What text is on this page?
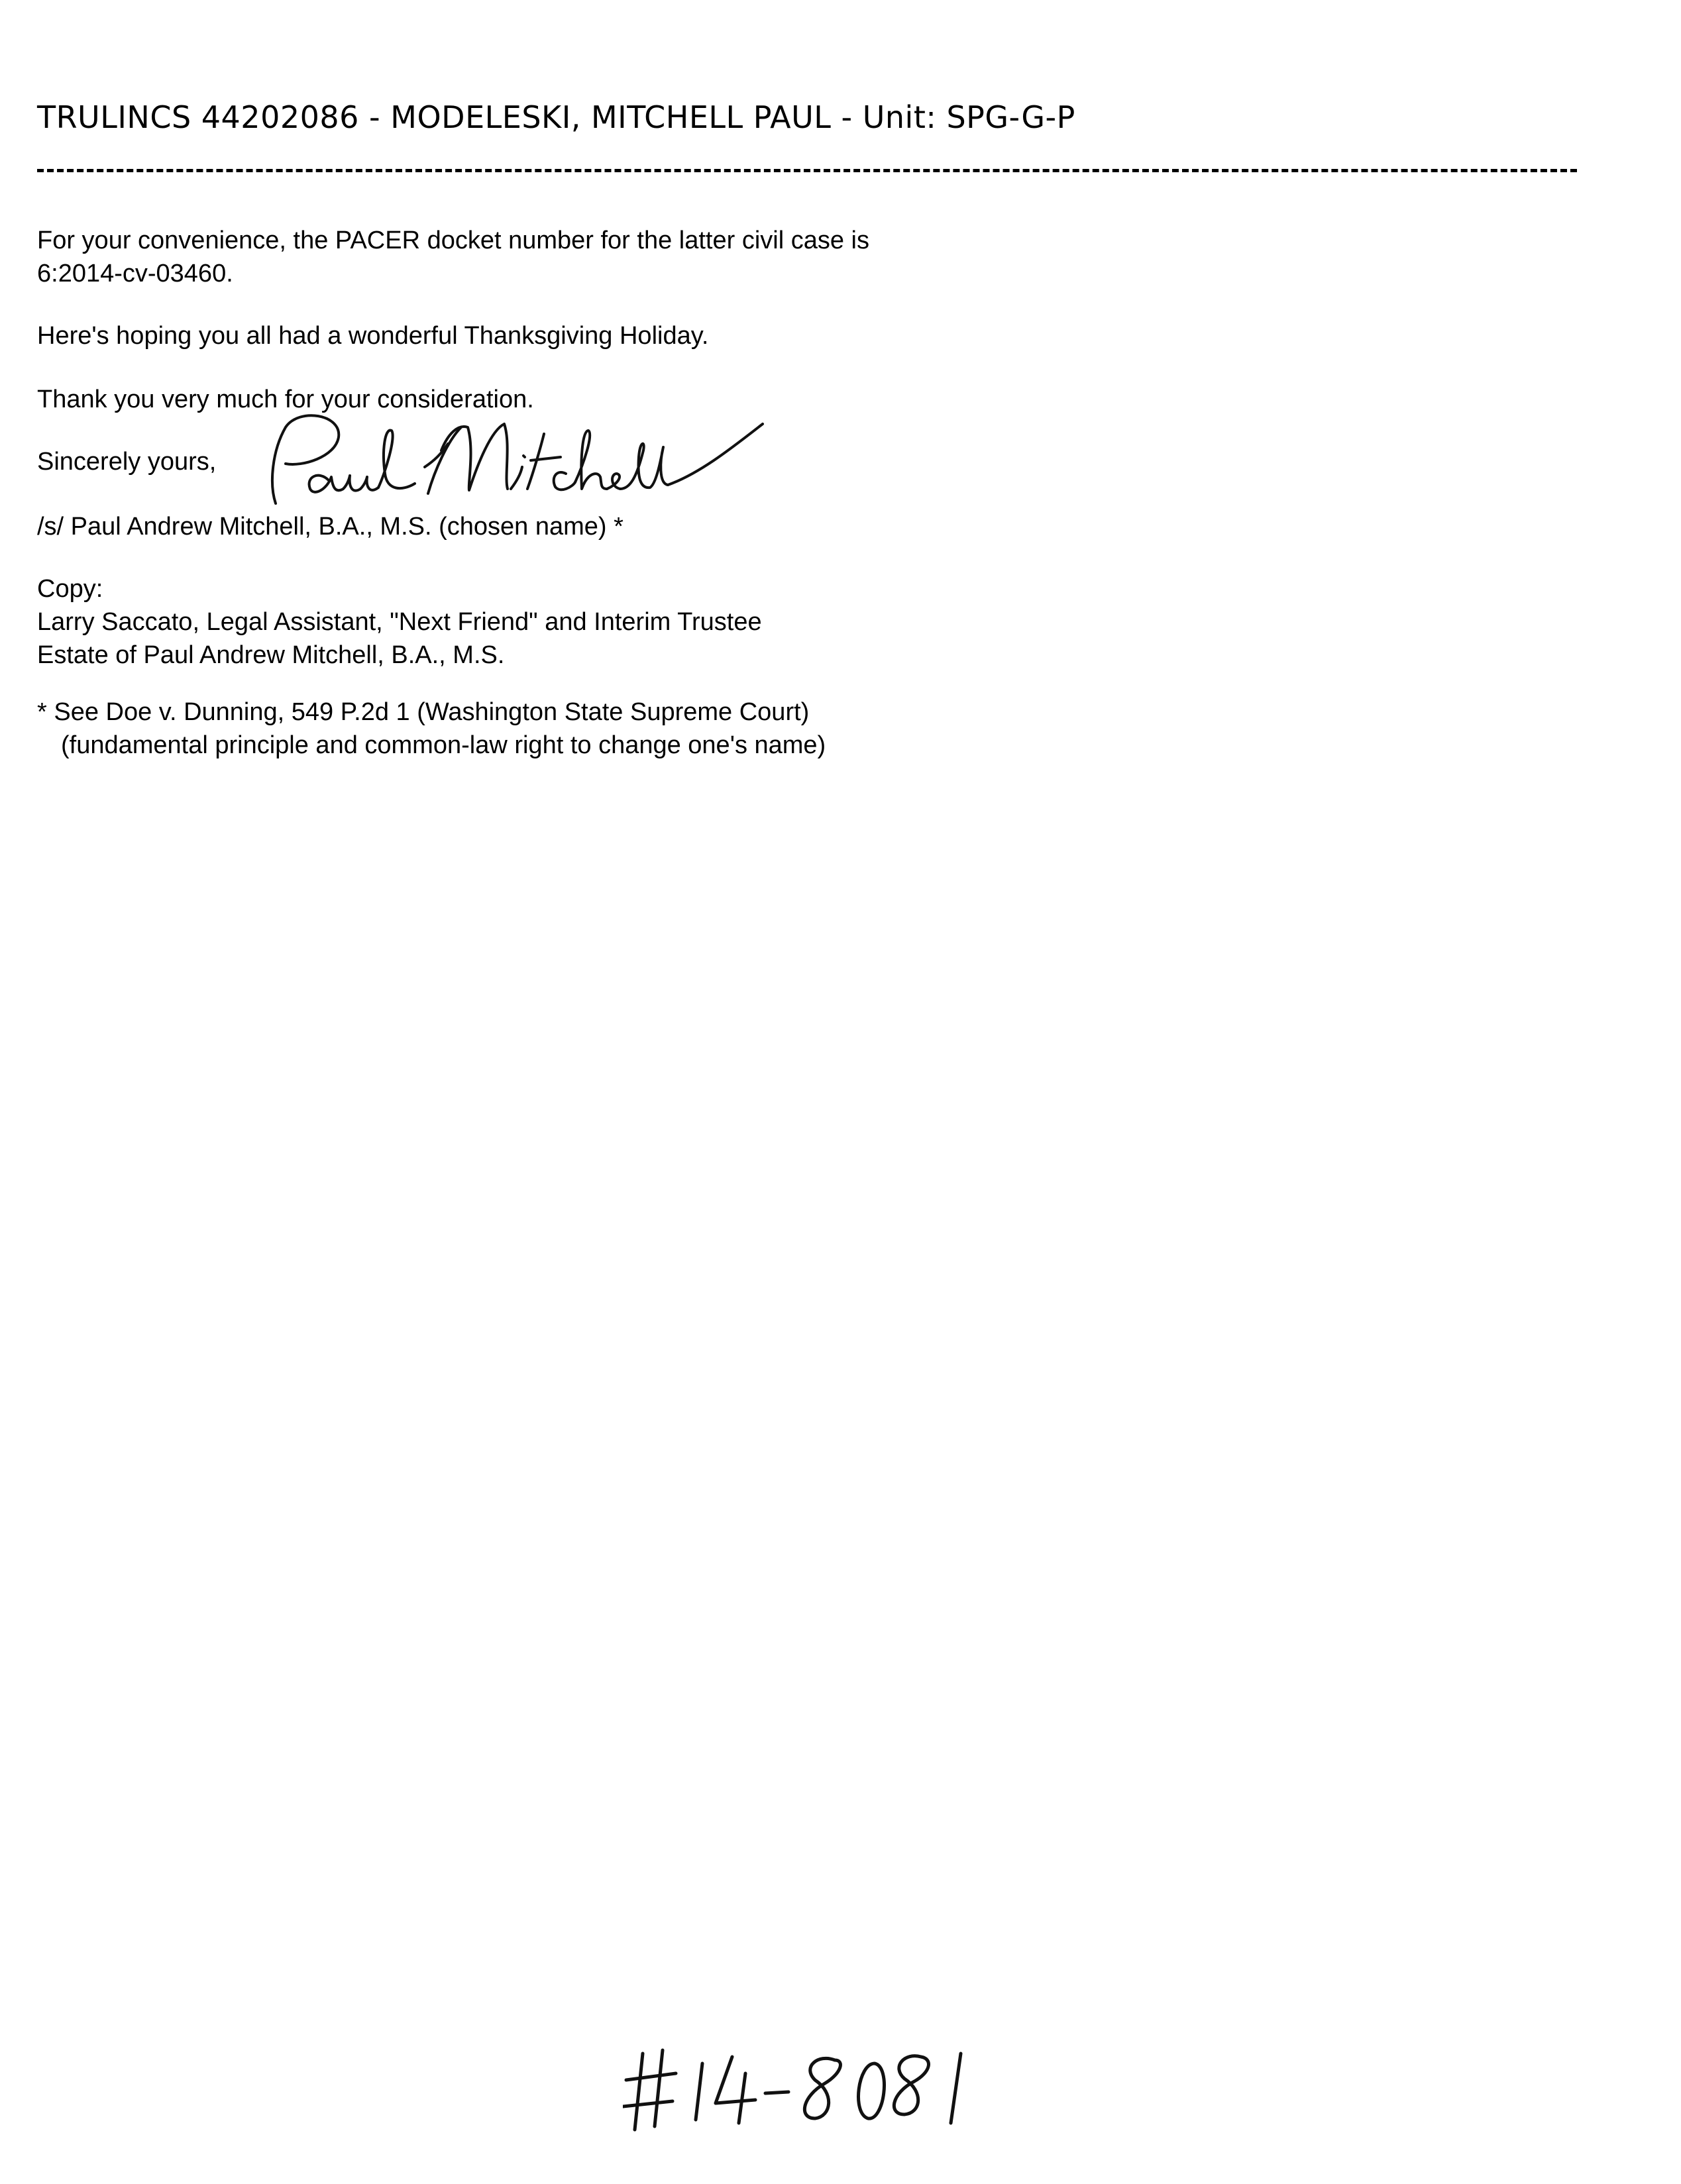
TRULINCS 44202086 - MODELESKI, MITCHELL PAUL - Unit: SPG-G-P
For your convenience, the PACER docket number for the latter civil case is
6:2014-cv-03460.
Here's hoping you all had a wonderful Thanksgiving Holiday.
Thank you very much for your consideration.
Sincerely yours,
/s/ Paul Andrew Mitchell, B.A., M.S. (chosen name) *
Copy:
Larry Saccato, Legal Assistant, "Next Friend" and Interim Trustee
Estate of Paul Andrew Mitchell, B.A., M.S.
* See Doe v. Dunning, 549 P.2d 1 (Washington State Supreme Court)
(fundamental principle and common-law right to change one's name)
